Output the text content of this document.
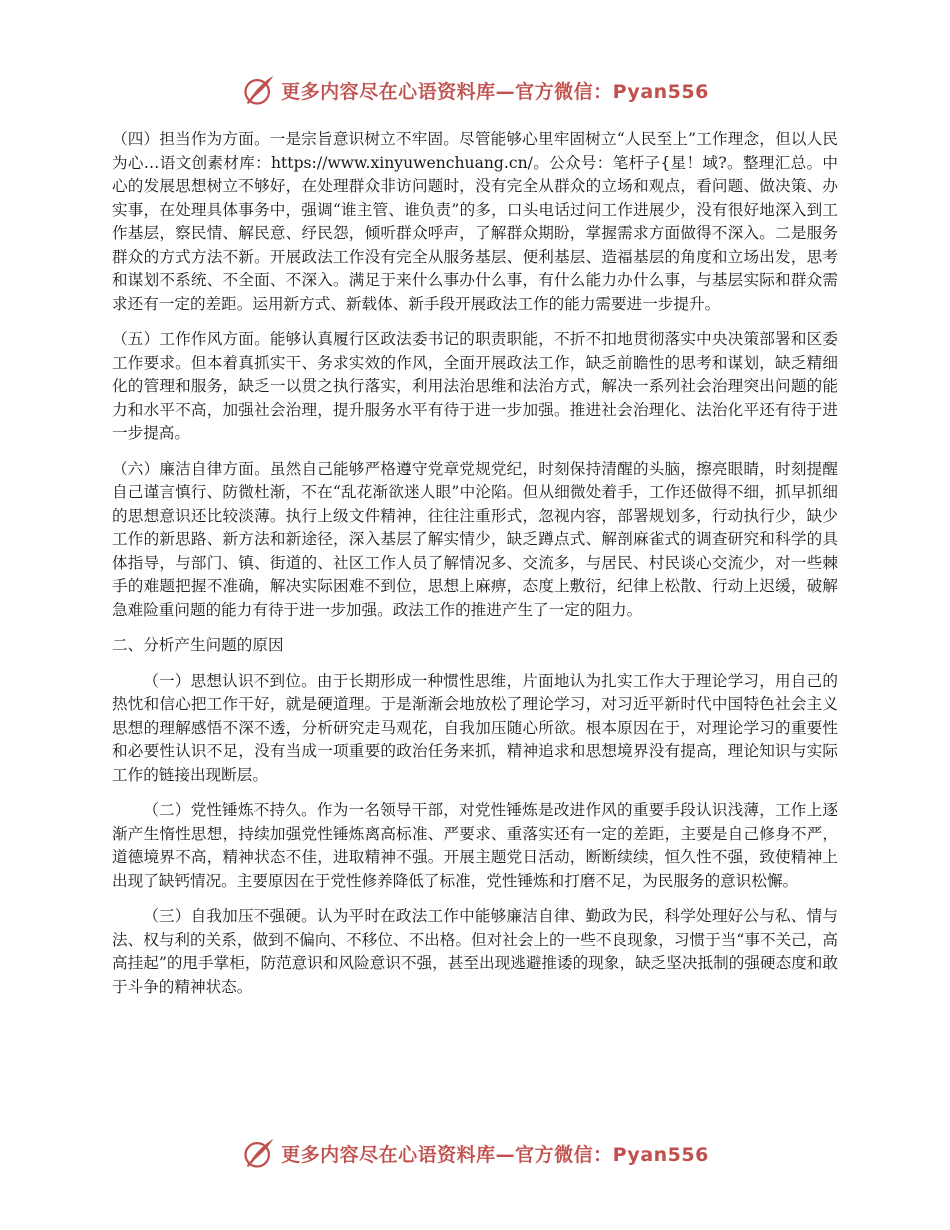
更多内容尽在心语资料库—官方微信：Pyan556

（四）担当作为方面。一是宗旨意识树立不牢固。尽管能够心里牢固树立“人民至上”工作理念，但以人民为心…语文创素材库：https://www.xinyuwenchuang.cn/。公众号：笔杆子{星！域?。整理汇总。中心的发展思想树立不够好，在处理群众非访问题时，没有完全从群众的立场和观点，看问题、做决策、办实事，在处理具体事务中，强调“谁主管、谁负责”的多，口头电话过问工作进展少，没有很好地深入到工作基层，察民情、解民意、纾民怨，倾听群众呼声，了解群众期盼，掌握需求方面做得不深入。二是服务群众的方式方法不新。开展政法工作没有完全从服务基层、便利基层、造福基层的角度和立场出发，思考和谋划不系统、不全面、不深入。满足于来什么事办什么事，有什么能力办什么事，与基层实际和群众需求还有一定的差距。运用新方式、新载体、新手段开展政法工作的能力需要进一步提升。

（五）工作作风方面。能够认真履行区政法委书记的职责职能，不折不扣地贯彻落实中央决策部署和区委工作要求。但本着真抓实干、务求实效的作风，全面开展政法工作，缺乏前瞻性的思考和谋划，缺乏精细化的管理和服务，缺乏一以贯之执行落实，利用法治思维和法治方式，解决一系列社会治理突出问题的能力和水平不高，加强社会治理，提升服务水平有待于进一步加强。推进社会治理化、法治化平还有待于进一步提高。

（六）廉洁自律方面。虽然自己能够严格遵守党章党规党纪，时刻保持清醒的头脑，擦亮眼睛，时刻提醒自己谨言慎行、防微杜渐，不在“乱花渐欲迷人眼”中沦陷。但从细微处着手，工作还做得不细，抓早抓细的思想意识还比较淡薄。执行上级文件精神，往往注重形式，忽视内容，部署规划多，行动执行少，缺少工作的新思路、新方法和新途径，深入基层了解实情少，缺乏蹲点式、解剖麻雀式的调查研究和科学的具体指导，与部门、镇、街道的、社区工作人员了解情况多、交流多，与居民、村民谈心交流少，对一些棘手的难题把握不准确，解决实际困难不到位，思想上麻痹，态度上敷衍，纪律上松散、行动上迟缓，破解急难险重问题的能力有待于进一步加强。政法工作的推进产生了一定的阻力。

二、分析产生问题的原因

（一）思想认识不到位。由于长期形成一种惯性思维，片面地认为扎实工作大于理论学习，用自己的热忱和信心把工作干好，就是硬道理。于是渐渐会地放松了理论学习，对习近平新时代中国特色社会主义思想的理解感悟不深不透，分析研究走马观花，自我加压随心所欲。根本原因在于，对理论学习的重要性和必要性认识不足，没有当成一项重要的政治任务来抓，精神追求和思想境界没有提高，理论知识与实际工作的链接出现断层。

（二）党性锤炼不持久。作为一名领导干部，对党性锤炼是改进作风的重要手段认识浅薄，工作上逐渐产生惰性思想，持续加强党性锤炼离高标准、严要求、重落实还有一定的差距，主要是自己修身不严，道德境界不高，精神状态不佳，进取精神不强。开展主题党日活动，断断续续，恒久性不强，致使精神上出现了缺钙情况。主要原因在于党性修养降低了标准，党性锤炼和打磨不足，为民服务的意识松懈。

（三）自我加压不强硬。认为平时在政法工作中能够廉洁自律、勤政为民，科学处理好公与私、情与法、权与利的关系，做到不偏向、不移位、不出格。但对社会上的一些不良现象，习惯于当“事不关己，高高挂起”的甩手掌柜，防范意识和风险意识不强，甚至出现逃避推诿的现象，缺乏坚决抵制的强硬态度和敢于斗争的精神状态。

更多内容尽在心语资料库—官方微信：Pyan556
